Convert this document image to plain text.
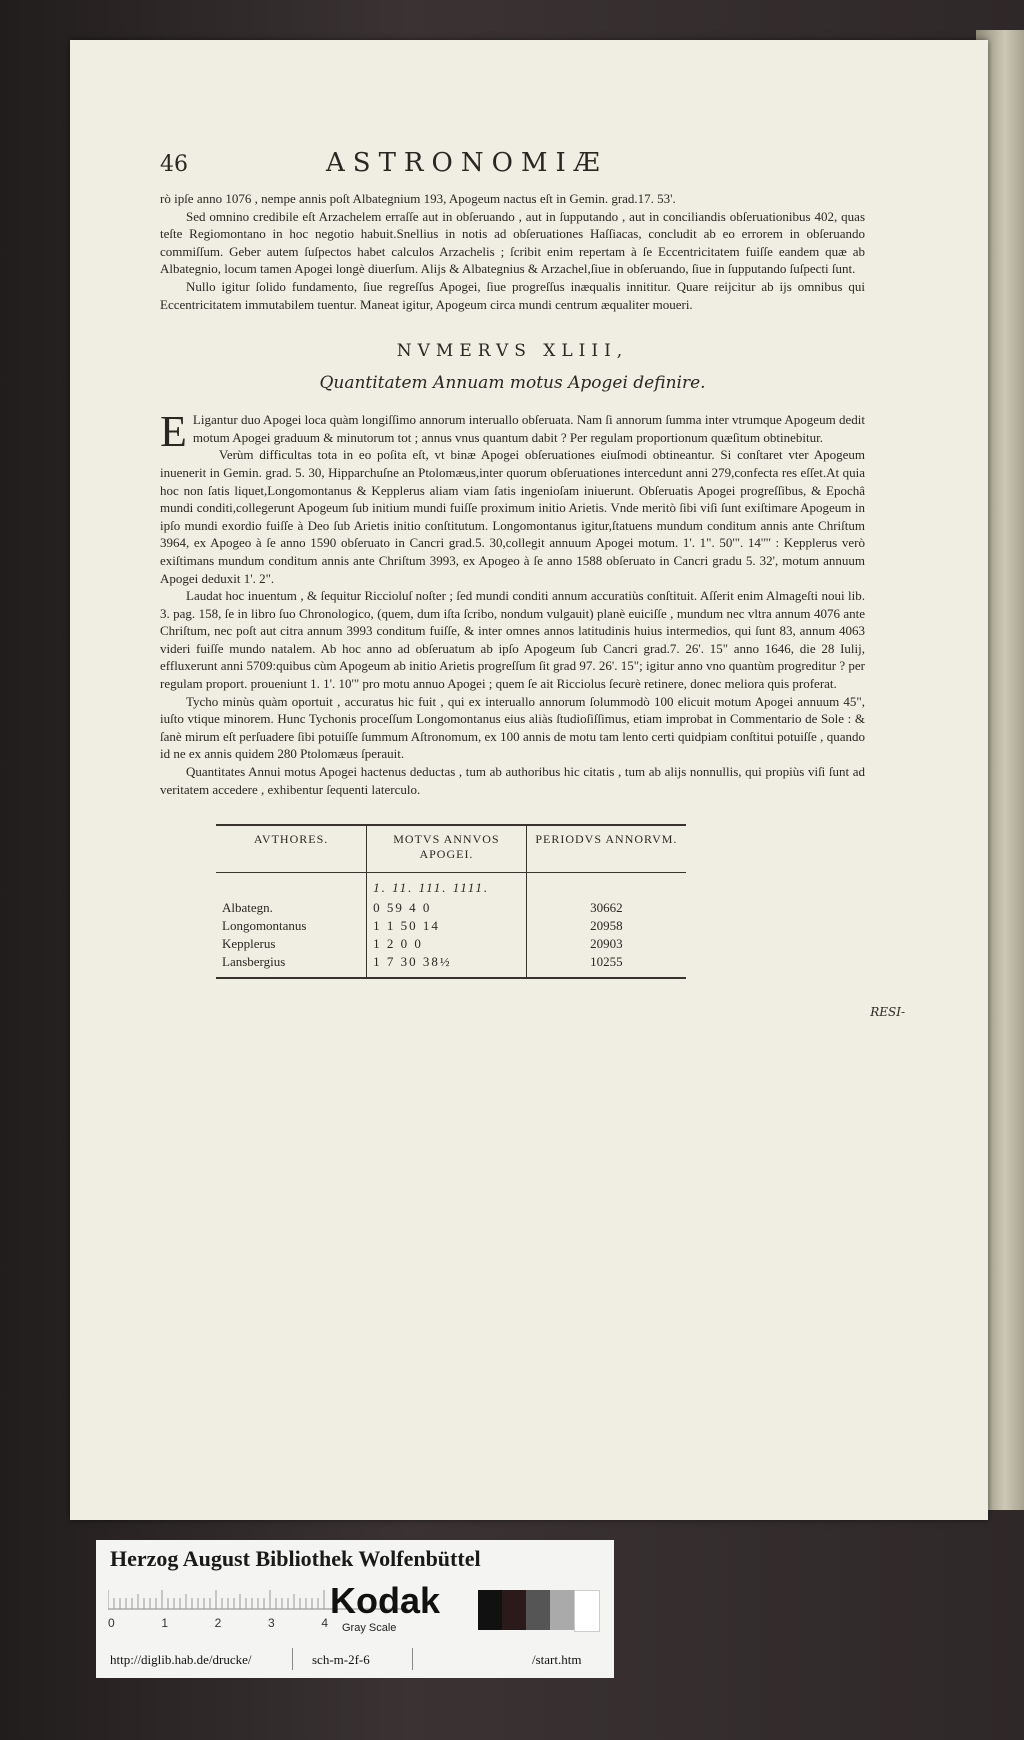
46	ASTRONOMIÆ

rò ipſe anno 1076 , nempe annis poſt Albategnium 193, Apogeum nactus eſt in Gemin. grad.17. 53'.

Sed omnino credibile eſt Arzachelem erraſſe aut in obſeruando , aut in ſupputando , aut in conciliandis obſeruationibus 402, quas teſte Regiomontano in hoc negotio habuit.Snellius in notis ad obſeruationes Haſſiacas, concludit ab eo errorem in obſeruando commiſſum. Geber autem ſuſpectos habet calculos Arzachelis ; ſcribit enim repertam à ſe Eccentricitatem fuiſſe eandem quæ ab Albategnio, locum tamen Apogei longè diuerſum. Alijs & Albategnius & Arzachel,ſiue in obſeruando, ſiue in ſupputando ſuſpecti ſunt.

Nullo igitur ſolido fundamento, ſiue regreſſus Apogei, ſiue progreſſus inæqualis innititur. Quare reijcitur ab ijs omnibus qui Eccentricitatem immutabilem tuentur. Maneat igitur, Apogeum circa mundi centrum æqualiter moueri.

NVMERVS XLIII,
Quantitatem Annuam motus Apogei definire.

E Ligantur duo Apogei loca quàm longiſſimo annorum interuallo obſeruata. Nam ſi annorum ſumma inter vtrumque Apogeum dedit motum Apogei graduum & minutorum tot ; annus vnus quantum dabit ? Per regulam proportionum quæſitum obtinebitur.

Verùm difficultas tota in eo poſita eſt, vt binæ Apogei obſeruationes eiuſmodi obtineantur. Si conſtaret vter Apogeum inuenerit in Gemin. grad. 5. 30, Hipparchuſne an Ptolomæus,inter quorum obſeruationes intercedunt anni 279,confecta res eſſet.At quia hoc non ſatis liquet,Longomontanus & Kepplerus aliam viam ſatis ingenioſam iniuerunt. Obſeruatis Apogei progreſſibus, & Epochâ mundi conditi,collegerunt Apogeum ſub initium mundi fuiſſe proximum initio Arietis. Vnde meritò ſibi viſi ſunt exiſtimare Apogeum in ipſo mundi exordio fuiſſe à Deo ſub Arietis initio conſtitutum. Longomontanus igitur,ſtatuens mundum conditum annis ante Chriſtum 3964, ex Apogeo à ſe anno 1590 obſeruato in Cancri grad.5. 30,collegit annuum Apogei motum. 1'. 1". 50'". 14'"' : Kepplerus verò exiſtimans mundum conditum annis ante Chriſtum 3993, ex Apogeo à ſe anno 1588 obſeruato in Cancri gradu 5. 32', motum annuum Apogei deduxit 1'. 2".

Laudat hoc inuentum , & ſequitur Riccioluſ noſter ; ſed mundi conditi annum accuratiùs conſtituit. Aſſerit enim Almageſti noui lib. 3. pag. 158, ſe in libro ſuo Chronologico, (quem, dum iſta ſcribo, nondum vulgauit) planè euiciſſe , mundum nec vltra annum 4076 ante Chriſtum, nec poſt aut citra annum 3993 conditum fuiſſe, & inter omnes annos latitudinis huius intermedios, qui ſunt 83, annum 4063 videri fuiſſe mundo natalem. Ab hoc anno ad obſeruatum ab ipſo Apogeum ſub Cancri grad.7. 26'. 15" anno 1646, die 28 Iulij, effluxerunt anni 5709:quibus cùm Apogeum ab initio Arietis progreſſum ſit grad 97. 26'. 15"; igitur anno vno quantùm progreditur ? per regulam proport. proueniunt 1. 1'. 10'" pro motu annuo Apogei ; quem ſe ait Ricciolus ſecurè retinere, donec meliora quis proferat.

Tycho minùs quàm oportuit , accuratus hic fuit , qui ex interuallo annorum ſolummodò 100 elicuit motum Apogei annuum 45", iuſto vtique minorem. Hunc Tychonis proceſſum Longomontanus eius aliàs ſtudioſiſſimus, etiam improbat in Commentario de Sole : & ſanè mirum eſt perſuadere ſibi potuiſſe ſummum Aſtronomum, ex 100 annis de motu tam lento certi quidpiam conſtitui potuiſſe , quando id ne ex annis quidem 280 Ptolomæus ſperauit.

Quantitates Annui motus Apogei hactenus deductas , tum ab authoribus hic citatis , tum ab alijs nonnullis, qui propiùs viſi ſunt ad veritatem accedere , exhibentur ſequenti laterculo.

AVTHORES.	MOTVS ANNVOS APOGEI.	PERIODVS ANNORVM.
	1. 11. 111. 1111.	
Albategn.	0 59 4 0	30662
Longomontanus	1 1 50 14	20958
Kepplerus	1 2 0 0	20903
Lansbergius	1 7 30 38½	10255
RESI-
Herzog August Bibliothek Wolfenbüttel
0	1	2	3	4
Kodak
Gray Scale
http://diglib.hab.de/drucke/	sch-m-2f-6	/start.htm
